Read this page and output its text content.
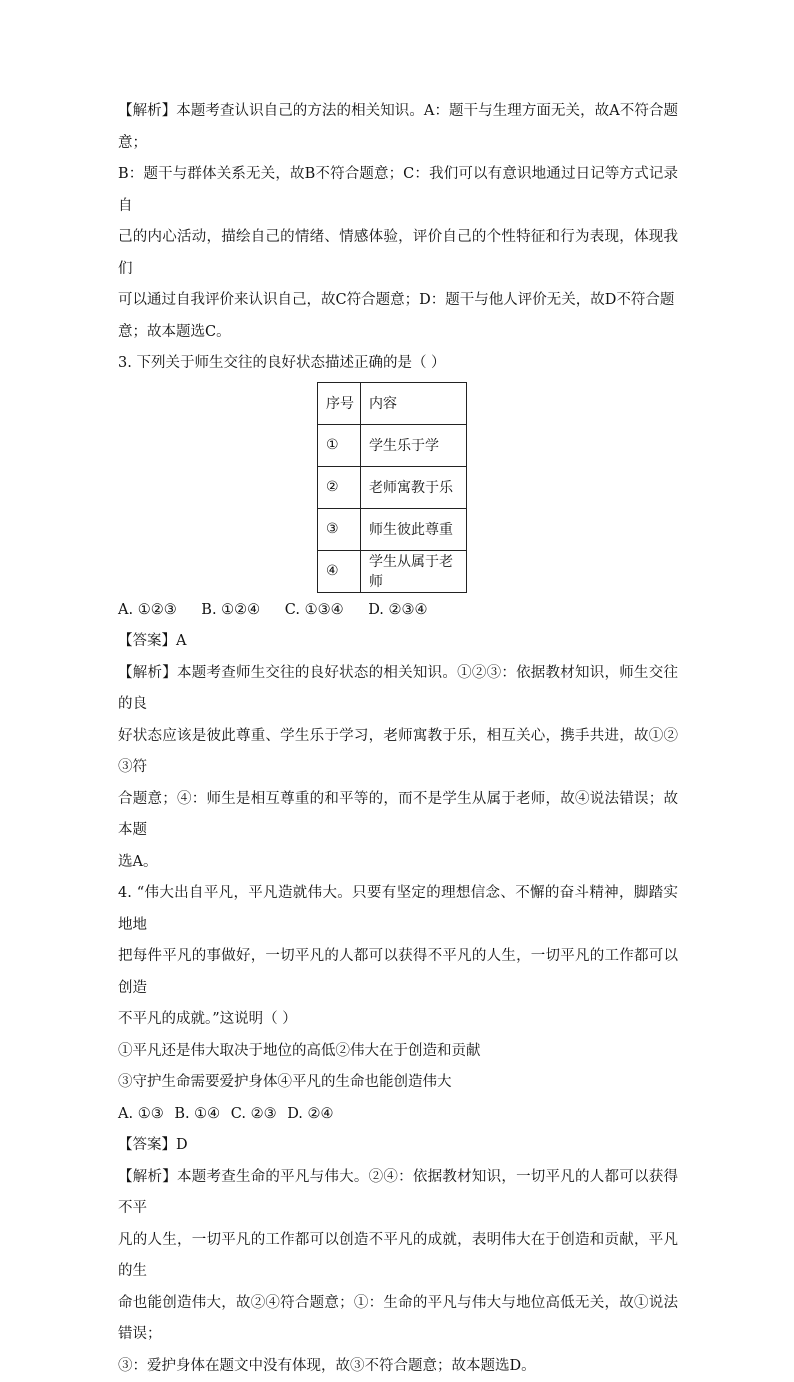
【解析】本题考查认识自己的方法的相关知识。A：题干与生理方面无关，故A不符合题意；

B：题干与群体关系无关，故B不符合题意；C：我们可以有意识地通过日记等方式记录自

己的内心活动，描绘自己的情绪、情感体验，评价自己的个性特征和行为表现，体现我们

可以通过自我评价来认识自己，故C符合题意；D：题干与他人评价无关，故D不符合题

意；故本题选C。

3. 下列关于师生交往的良好状态描述正确的是（ ）

序号	内容
①	学生乐于学
②	老师寓教于乐
③	师生彼此尊重
④	学生从属于老师

A. ①②③ B. ①②④ C. ①③④ D. ②③④

【答案】A

【解析】本题考查师生交往的良好状态的相关知识。①②③：依据教材知识，师生交往的良

好状态应该是彼此尊重、学生乐于学习，老师寓教于乐，相互关心，携手共进，故①②③符

合题意；④：师生是相互尊重的和平等的，而不是学生从属于老师，故④说法错误；故本题

选A。

4. “伟大出自平凡，平凡造就伟大。只要有坚定的理想信念、不懈的奋斗精神，脚踏实地地

把每件平凡的事做好，一切平凡的人都可以获得不平凡的人生，一切平凡的工作都可以创造

不平凡的成就。”这说明（ ）

①平凡还是伟大取决于地位的高低②伟大在于创造和贡献

③守护生命需要爱护身体④平凡的生命也能创造伟大

A. ①③ B. ①④ C. ②③ D. ②④

【答案】D

【解析】本题考查生命的平凡与伟大。②④：依据教材知识，一切平凡的人都可以获得不平

凡的人生，一切平凡的工作都可以创造不平凡的成就，表明伟大在于创造和贡献，平凡的生

命也能创造伟大，故②④符合题意；①：生命的平凡与伟大与地位高低无关，故①说法错误；

③：爱护身体在题文中没有体现，故③不符合题意；故本题选D。
